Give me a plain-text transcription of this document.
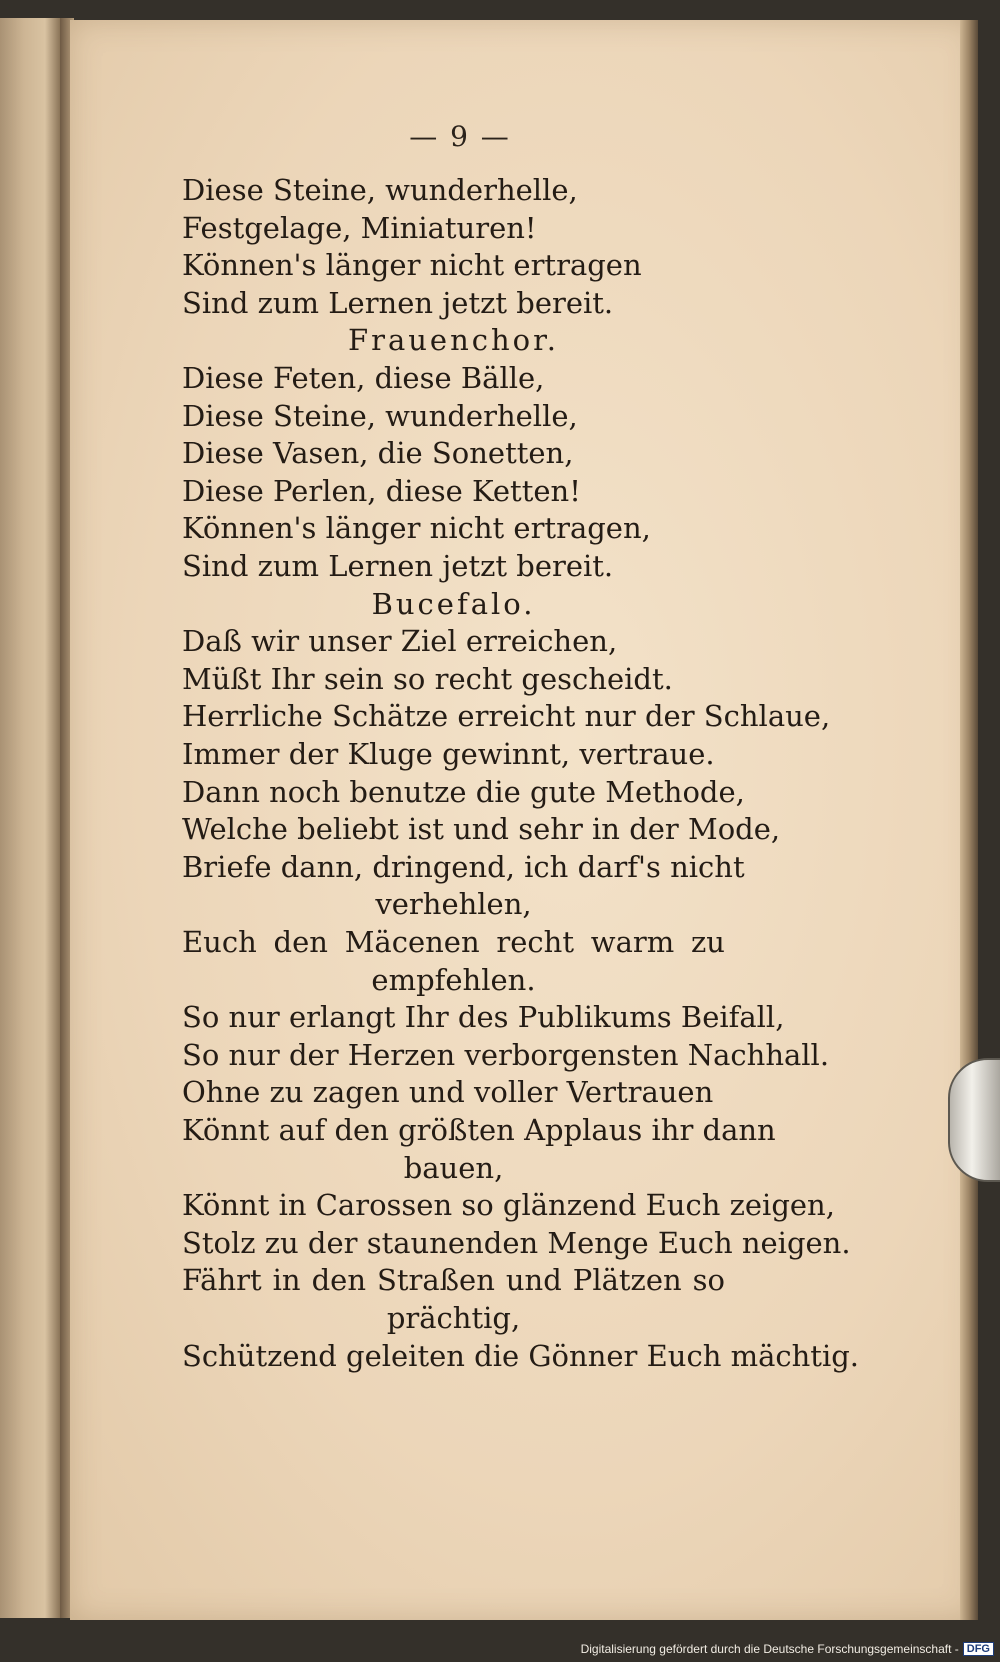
— 9 —
Diese Steine, wunderhelle,
Festgelage, Miniaturen!
Können's länger nicht ertragen
Sind zum Lernen jetzt bereit.
Frauenchor.
Diese Feten, diese Bälle,
Diese Steine, wunderhelle,
Diese Vasen, die Sonetten,
Diese Perlen, diese Ketten!
Können's länger nicht ertragen,
Sind zum Lernen jetzt bereit.
Bucefalo.
Daß wir unser Ziel erreichen,
Müßt Ihr sein so recht gescheidt.
Herrliche Schätze erreicht nur der Schlaue,
Immer der Kluge gewinnt, vertraue.
Dann noch benutze die gute Methode,
Welche beliebt ist und sehr in der Mode,
Briefe dann, dringend, ich darf's nicht
verhehlen,
Euch den Mäcenen recht warm zu
empfehlen.
So nur erlangt Ihr des Publikums Beifall,
So nur der Herzen verborgensten Nachhall.
Ohne zu zagen und voller Vertrauen
Könnt auf den größten Applaus ihr dann
bauen,
Könnt in Carossen so glänzend Euch zeigen,
Stolz zu der staunenden Menge Euch neigen.
Fährt in den Straßen und Plätzen so
prächtig,
Schützend geleiten die Gönner Euch mächtig.
Digitalisierung gefördert durch die Deutsche Forschungsgemeinschaft - DFG
